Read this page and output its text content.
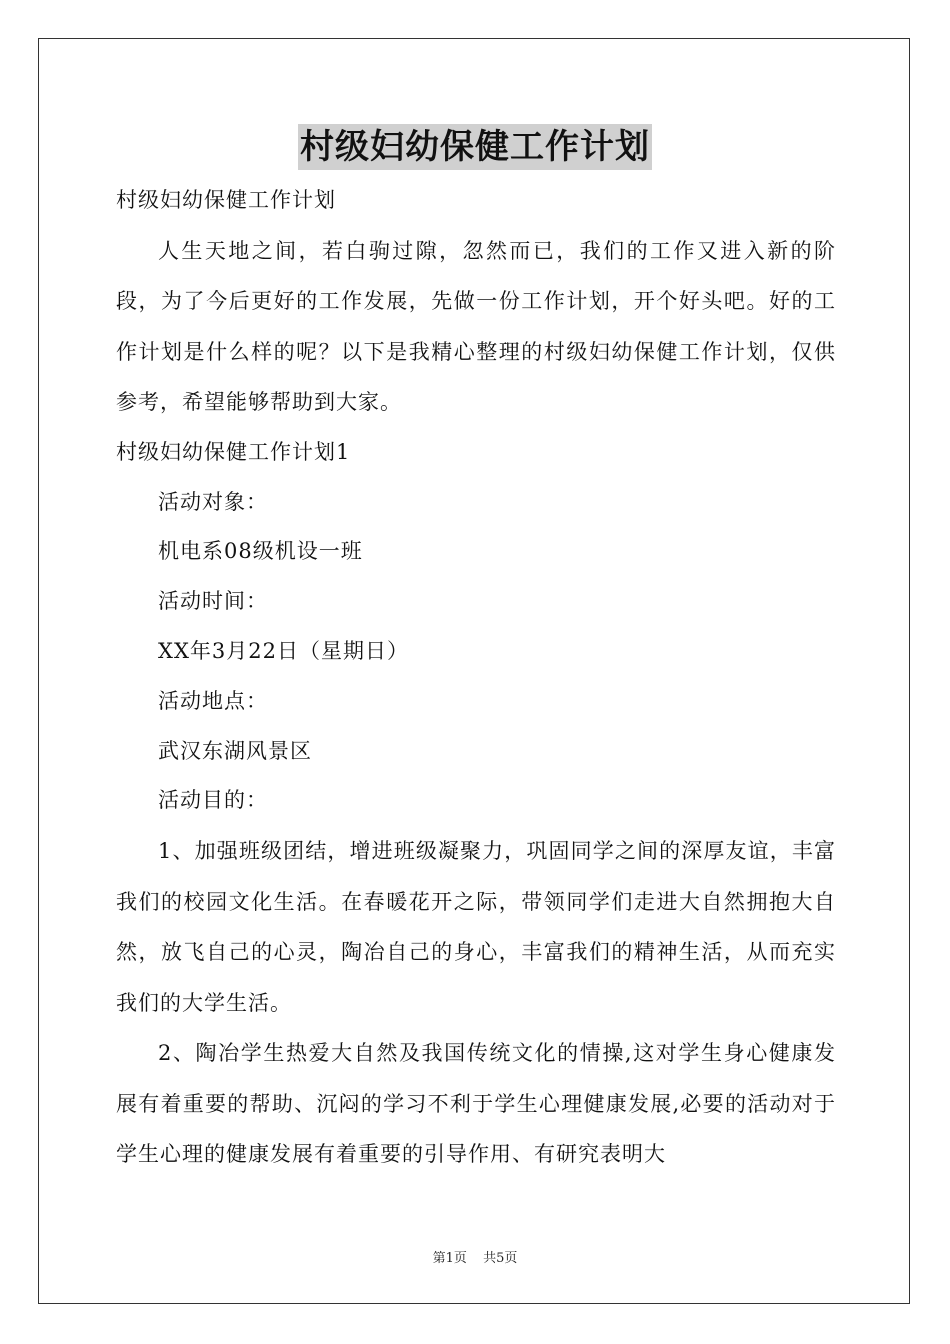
村级妇幼保健工作计划

村级妇幼保健工作计划

人生天地之间，若白驹过隙，忽然而已，我们的工作又进入新的阶段，为了今后更好的工作发展，先做一份工作计划，开个好头吧。好的工作计划是什么样的呢？以下是我精心整理的村级妇幼保健工作计划，仅供参考，希望能够帮助到大家。

村级妇幼保健工作计划1

活动对象：

机电系08级机设一班

活动时间：

XX年3月22日（星期日）

活动地点：

武汉东湖风景区

活动目的：

1、加强班级团结，增进班级凝聚力，巩固同学之间的深厚友谊，丰富我们的校园文化生活。在春暖花开之际，带领同学们走进大自然拥抱大自然，放飞自己的心灵，陶冶自己的身心，丰富我们的精神生活，从而充实我们的大学生活。

2、陶冶学生热爱大自然及我国传统文化的情操,这对学生身心健康发展有着重要的帮助、沉闷的学习不利于学生心理健康发展,必要的活动对于学生心理的健康发展有着重要的引导作用、有研究表明大

第1页 共5页
